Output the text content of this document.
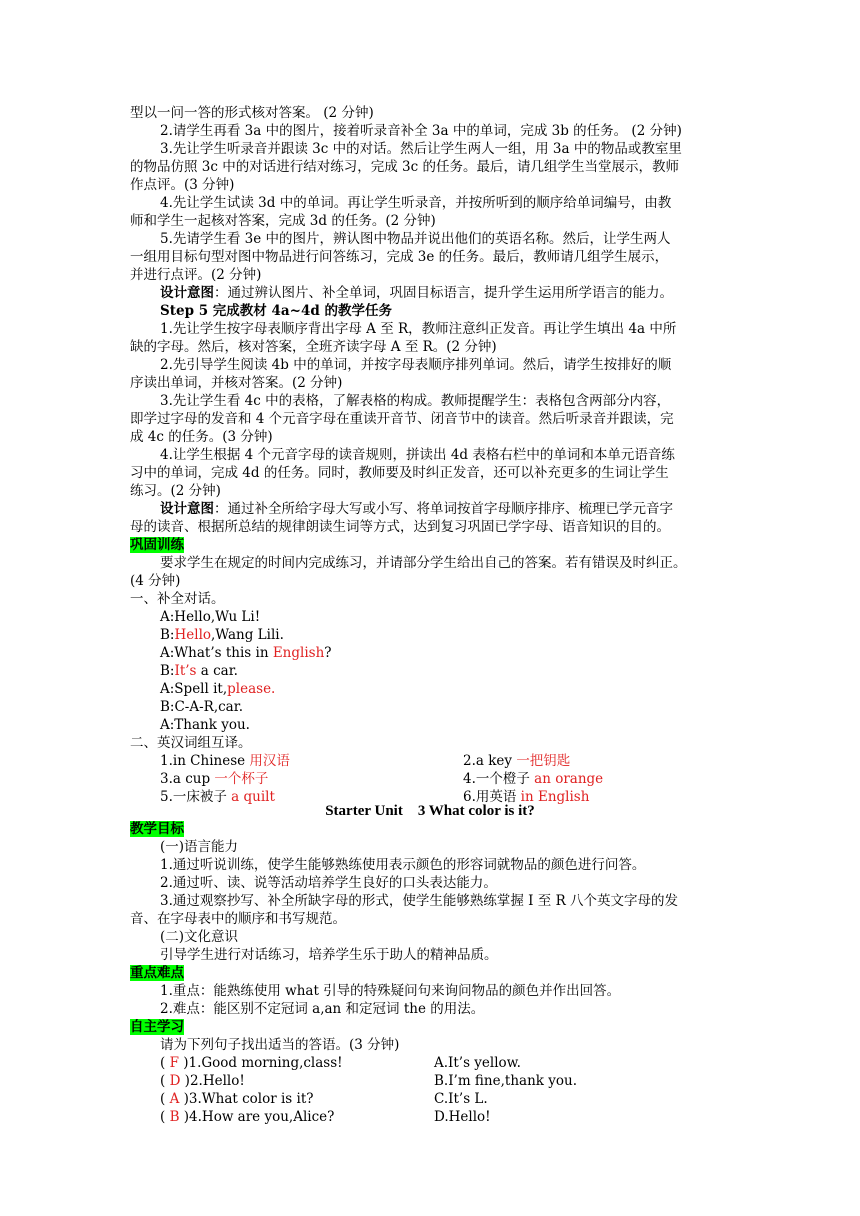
型以一问一答的形式核对答案。 (2 分钟)
2.请学生再看 3a 中的图片，接着听录音补全 3a 中的单词，完成 3b 的任务。 (2 分钟)
3.先让学生听录音并跟读 3c 中的对话。然后让学生两人一组，用 3a 中的物品或教室里
的物品仿照 3c 中的对话进行结对练习，完成 3c 的任务。最后，请几组学生当堂展示，教师
作点评。(3 分钟)
4.先让学生试读 3d 中的单词。再让学生听录音，并按所听到的顺序给单词编号，由教
师和学生一起核对答案，完成 3d 的任务。(2 分钟)
5.先请学生看 3e 中的图片，辨认图中物品并说出他们的英语名称。然后，让学生两人
一组用目标句型对图中物品进行问答练习，完成 3e 的任务。最后，教师请几组学生展示，
并进行点评。(2 分钟)
设计意图：通过辨认图片、补全单词，巩固目标语言，提升学生运用所学语言的能力。
Step 5 完成教材 4a~4d 的教学任务
1.先让学生按字母表顺序背出字母 A 至 R，教师注意纠正发音。再让学生填出 4a 中所
缺的字母。然后，核对答案，全班齐读字母 A 至 R。(2 分钟)
2.先引导学生阅读 4b 中的单词，并按字母表顺序排列单词。然后，请学生按排好的顺
序读出单词，并核对答案。(2 分钟)
3.先让学生看 4c 中的表格，了解表格的构成。教师提醒学生：表格包含两部分内容，
即学过字母的发音和 4 个元音字母在重读开音节、闭音节中的读音。然后听录音并跟读，完
成 4c 的任务。(3 分钟)
4.让学生根据 4 个元音字母的读音规则，拼读出 4d 表格右栏中的单词和本单元语音练
习中的单词，完成 4d 的任务。同时，教师要及时纠正发音，还可以补充更多的生词让学生
练习。(2 分钟)
设计意图：通过补全所给字母大写或小写、将单词按首字母顺序排序、梳理已学元音字
母的读音、根据所总结的规律朗读生词等方式，达到复习巩固已学字母、语音知识的目的。
巩固训练
要求学生在规定的时间内完成练习，并请部分学生给出自己的答案。若有错误及时纠正。
(4 分钟)
一、补全对话。
A:Hello,Wu Li!
B:Hello,Wang Lili.
A:What’s this in English?
B:It’s a car.
A:Spell it,please.
B:C-A-R,car.
A:Thank you.
二、英汉词组互译。
1.in Chinese 用汉语	2.a key 一把钥匙
3.a cup 一个杯子	4.一个橙子 an orange
5.一床被子 a quilt	6.用英语 in English
Starter Unit    3 What color is it?
教学目标
(一)语言能力
1.通过听说训练，使学生能够熟练使用表示颜色的形容词就物品的颜色进行问答。
2.通过听、读、说等活动培养学生良好的口头表达能力。
3.通过观察抄写、补全所缺字母的形式，使学生能够熟练掌握 I 至 R 八个英文字母的发
音、在字母表中的顺序和书写规范。
(二)文化意识
引导学生进行对话练习，培养学生乐于助人的精神品质。
重点难点
1.重点：能熟练使用 what 引导的特殊疑问句来询问物品的颜色并作出回答。
2.难点：能区别不定冠词 a,an 和定冠词 the 的用法。
自主学习
请为下列句子找出适当的答语。(3 分钟)
( F )1.Good morning,class!	A.It’s yellow.
( D )2.Hello!	B.I’m fine,thank you.
( A )3.What color is it?	C.It’s L.
( B )4.How are you,Alice?	D.Hello!
